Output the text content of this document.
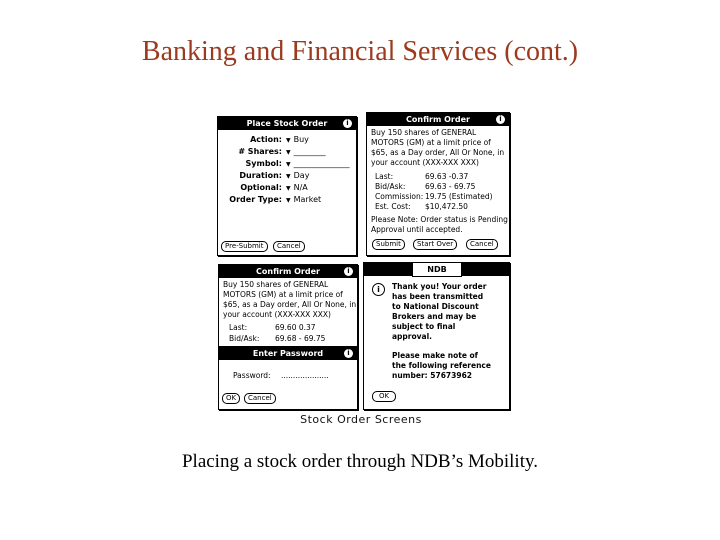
Banking and Financial Services (cont.)
Place Stock Order	i
Action: ▼ Buy
# Shares: ▼ ________
Symbol: ▼ ______________
Duration: ▼ Day
Optional: ▼ N/A
Order Type: ▼ Market
Pre-Submit	Cancel
Confirm Order	i
Buy 150 shares of GENERAL
MOTORS (GM) at a limit price of
$65, as a Day order, All Or None, in
your account (XXX-XXX XXX)
Last:	69.63 -0.37
Bid/Ask:	69.63 - 69.75
Commission: 19.75 (Estimated)
Est. Cost: $10,472.50
Please Note: Order status is Pending
Approval until accepted.
Submit	Start Over	Cancel
Confirm Order	i
Buy 150 shares of GENERAL
MOTORS (GM) at a limit price of
$65, as a Day order, All Or None, in
your account (XXX-XXX XXX)
Last:	69.60 0.37
Bid/Ask: 69.68 - 69.75
Enter Password	i
Password: ....................
OK	Cancel
NDB
i	Thank you! Your order
has been transmitted
to National Discount
Brokers and may be
subject to final
approval.
Please make note of
the following reference
number: 57673962
OK
Stock Order Screens
Placing a stock order through NDB’s Mobility.
